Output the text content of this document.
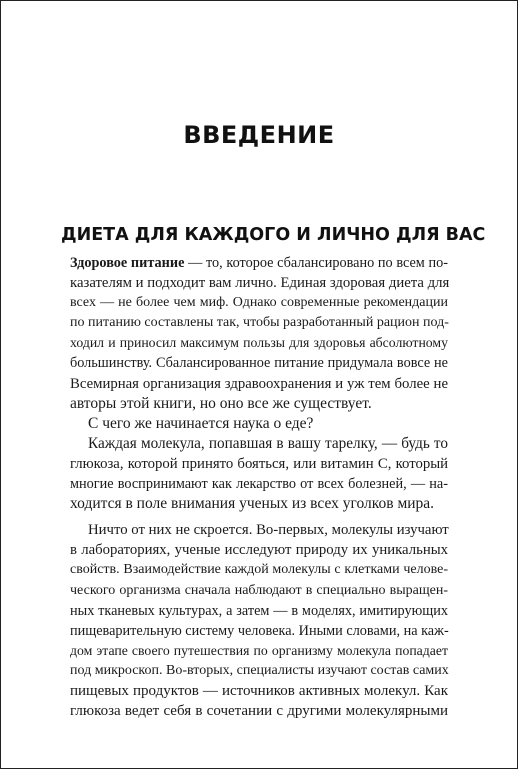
ВВЕДЕНИЕ
ДИЕТА ДЛЯ КАЖДОГО И ЛИЧНО ДЛЯ ВАС
Здоровое питание — то, которое сбалансировано по всем по-
казателям и подходит вам лично. Единая здоровая диета для
всех — не более чем миф. Однако современные рекомендации
по питанию составлены так, чтобы разработанный рацион под-
ходил и приносил максимум пользы для здоровья абсолютному
большинству. Сбалансированное питание придумала вовсе не
Всемирная организация здравоохранения и уж тем более не
авторы этой книги, но оно все же существует.
С чего же начинается наука о еде?
Каждая молекула, попавшая в вашу тарелку, — будь то
глюкоза, которой принято бояться, или витамин С, который
многие воспринимают как лекарство от всех болезней, — на-
ходится в поле внимания ученых из всех уголков мира.
Ничто от них не скроется. Во-первых, молекулы изучают
в лабораториях, ученые исследуют природу их уникальных
свойств. Взаимодействие каждой молекулы с клетками челове-
ческого организма сначала наблюдают в специально выращен-
ных тканевых культурах, а затем — в моделях, имитирующих
пищеварительную систему человека. Иными словами, на каж-
дом этапе своего путешествия по организму молекула попадает
под микроскоп. Во-вторых, специалисты изучают состав самих
пищевых продуктов — источников активных молекул. Как
глюкоза ведет себя в сочетании с другими молекулярными
